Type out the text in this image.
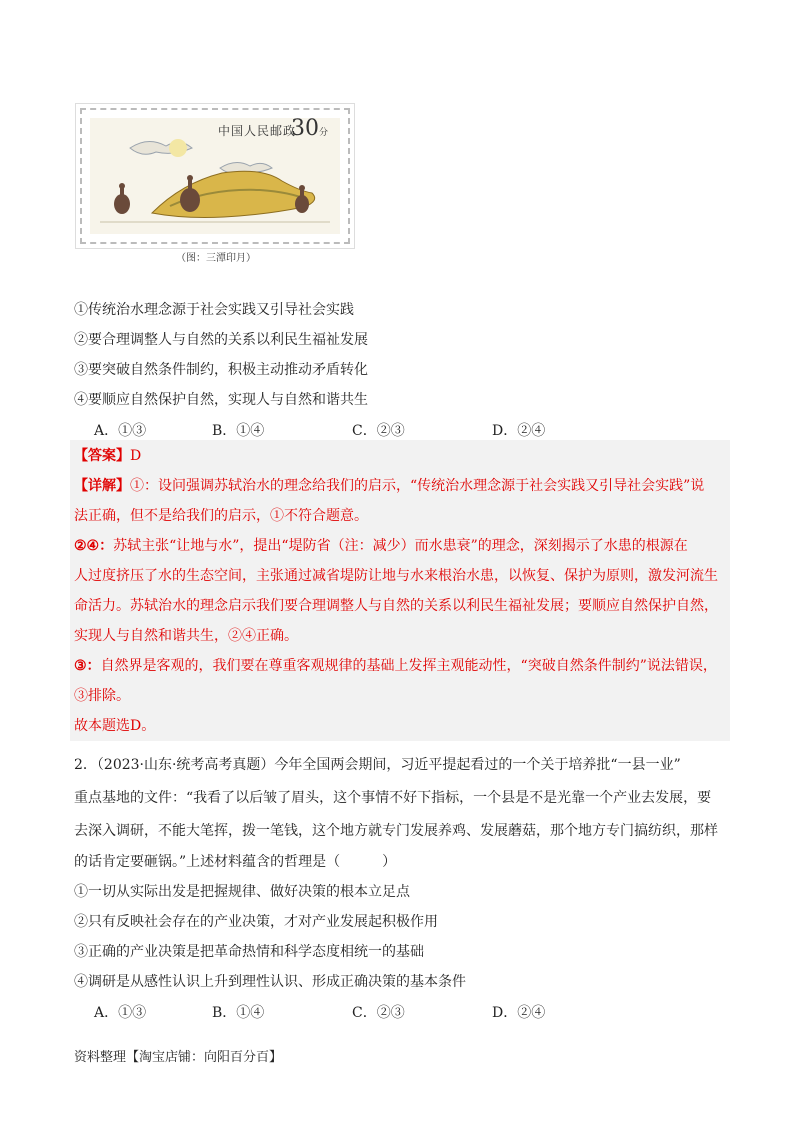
中国人民邮政
30分
（图：三潭印月）
①传统治水理念源于社会实践又引导社会实践
②要合理调整人与自然的关系以利民生福祉发展
③要突破自然条件制约，积极主动推动矛盾转化
④要顺应自然保护自然，实现人与自然和谐共生
A．①③	B．①④	C．②③	D．②④
【答案】D
【详解】①：设问强调苏轼治水的理念给我们的启示，“传统治水理念源于社会实践又引导社会实践”说
法正确，但不是给我们的启示，①不符合题意。
②④：苏轼主张“让地与水”，提出“堤防省（注：减少）而水患衰”的理念，深刻揭示了水患的根源在
人过度挤压了水的生态空间，主张通过减省堤防让地与水来根治水患，以恢复、保护为原则，激发河流生
命活力。苏轼治水的理念启示我们要合理调整人与自然的关系以利民生福祉发展；要顺应自然保护自然，
实现人与自然和谐共生，②④正确。
③：自然界是客观的，我们要在尊重客观规律的基础上发挥主观能动性，“突破自然条件制约”说法错误，
③排除。
故本题选D。
2．（2023·山东·统考高考真题）今年全国两会期间，习近平提起看过的一个关于培养批“一县一业”
重点基地的文件：“我看了以后皱了眉头，这个事情不好下指标，一个县是不是光靠一个产业去发展，要
去深入调研，不能大笔挥，拨一笔钱，这个地方就专门发展养鸡、发展蘑菇，那个地方专门搞纺织，那样
的话肯定要砸锅。”上述材料蕴含的哲理是（　　　）
①一切从实际出发是把握规律、做好决策的根本立足点
②只有反映社会存在的产业决策，才对产业发展起积极作用
③正确的产业决策是把革命热情和科学态度相统一的基础
④调研是从感性认识上升到理性认识、形成正确决策的基本条件
A．①③	B．①④	C．②③	D．②④
资料整理【淘宝店铺：向阳百分百】
